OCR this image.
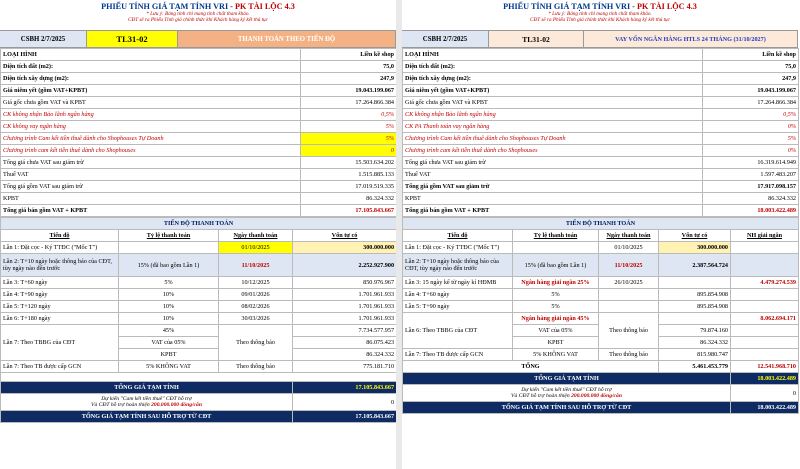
PHIẾU TÍNH GIÁ TẠM TÍNH VRI - PK TÀI LỘC 4.3
* Lưu ý: Bảng tính chỉ mang tính chất tham khảo.
CĐT sẽ ra Phiếu Tính giá chính thức khi Khách hàng ký kết thủ tục
CSBH 2/7/2025	TL31-02	THANH TOÁN THEO TIẾN ĐỘ
LOẠI HÌNH	Liền kề shop
Diện tích đất (m2):	75,0
Diện tích xây dựng (m2):	247,9
Giá niêm yết (gồm VAT+KPBT)	19.043.199.067
Giá gốc chưa gồm VAT và KPBT	17.264.866.384
CK không nhận Bảo lãnh ngân hàng	0,5%
CK không vay ngân hàng	5%
Chương trình Cam kết tiền thuê dành cho Shophouses Tự Doanh	5%
Chương trình cam kết tiền thuê dành cho Shophouses	0
Tổng giá chưa VAT sau giảm trừ	15.503.634.202
Thuế VAT	1.515.885.133
Tổng giá gồm VAT sau giảm trừ	17.019.519.335
KPBT	86.324.332
Tổng giá bán gồm VAT + KPBT	17.105.843.667
TIẾN ĐỘ THANH TOÁN			
Tiến độ	Tỷ lệ thanh toán	Ngày thanh toán	Vốn tự có
Lần 1: Đặt cọc - Ký TTĐC ("Mốc T")		01/10/2025	300.000.000
Lần 2: T+10 ngày hoặc thông báo của CĐT, tùy ngày nào đến trước	15% (đã bao gồm Lần 1)	11/10/2025	2.252.927.900
Lần 3: T+60 ngày	5%	10/12/2025	850.976.967
Lần 4: T+90 ngày	10%	09/01/2026	1.701.961.933
Lần 5: T+120 ngày	10%	08/02/2026	1.701.961.933
Lần 6: T+180 ngày	10%	30/03/2026	1.701.961.933
Lần 7: Theo TBBG của CĐT	45%	Theo thông báo	7.734.577.957
	VAT của 05%		86.075.423
	KPBT		86.324.332
Lần 7: Theo TB được cấp GCN	5% KHÔNG VAT	Theo thông báo	775.181.710

TỔNG GIÁ TẠM TÍNH			17.105.843.667

Dự kiến "Cam kết tiền thuê" CĐT hỗ trợ
Và CĐT hỗ trợ hoàn thiện 200.000.000 đồng/căn			0
TỔNG GIÁ TẠM TÍNH SAU HỖ TRỢ TỪ CĐT			17.105.843.667
PHIẾU TÍNH GIÁ TẠM TÍNH VRI - PK TÀI LỘC 4.3
* Lưu ý: Bảng tính chỉ mang tính chất tham khảo.
CĐT sẽ ra Phiếu Tính giá chính thức khi Khách hàng ký kết thủ tục
CSBH 2/7/2025	TL31-02	VAY VỐN NGÂN HÀNG HTLS 24 THÁNG (31/10/2027)
LOẠI HÌNH	Liền kề shop
Diện tích đất (m2):	75,0
Diện tích xây dựng (m2):	247,9
Giá niêm yết (gồm VAT+KPBT)	19.043.199.067
Giá gốc chưa gồm VAT và KPBT	17.264.866.384
CK không nhận Bảo lãnh ngân hàng	0,5%
CK PA Thanh toán vay ngân hàng	0%
Chương trình Cam kết tiền thuê dành cho Shophouses Tự Doanh	5%
Chương trình cam kết tiền thuê dành cho Shophouses	0%
Tổng giá chưa VAT sau giảm trừ	16.319.614.949
Thuế VAT	1.597.483.207
Tổng giá gồm VAT sau giảm trừ	17.917.098.157
KPBT	86.324.332
Tổng giá bán gồm VAT + KPBT	18.003.422.489
TIẾN ĐỘ THANH TOÁN				
Tiến độ	Tỷ lệ thanh toán	Ngày thanh toán	Vốn tự có	NH giải ngân
Lần 1: Đặt cọc - Ký TTĐC ("Mốc T")		01/10/2025	300.000.000	
Lần 2: T+10 ngày hoặc thông báo của CĐT, tùy ngày nào đến trước	15% (đã bao gồm Lần 1)	11/10/2025	2.387.564.724	
Lần 3: 15 ngày kể từ ngày kí HĐMB	Ngân hàng giải ngân 25%	26/10/2025		4.479.274.539
Lần 4: T+60 ngày	5%		895.854.908	
Lần 5: T+90 ngày	5%		895.854.908	
Lần 6: Theo TBBG của CĐT	Ngân hàng giải ngân 45%	Theo thông báo		8.062.694.171
	VAT của 05%		79.874.160	
	KPBT		86.324.332	
Lần 7: Theo TB được cấp GCN	5% KHÔNG VAT	Theo thông báo	815.980.747	
TỔNG			5.461.453.779	12.541.968.710
TỔNG GIÁ TẠM TÍNH				18.003.422.489

Dự kiến "Cam kết tiền thuê" CĐT hỗ trợ
Và CĐT hỗ trợ hoàn thiện 200.000.000 đồng/căn				0
TỔNG GIÁ TẠM TÍNH SAU HỖ TRỢ TỪ CĐT				18.003.422.489
